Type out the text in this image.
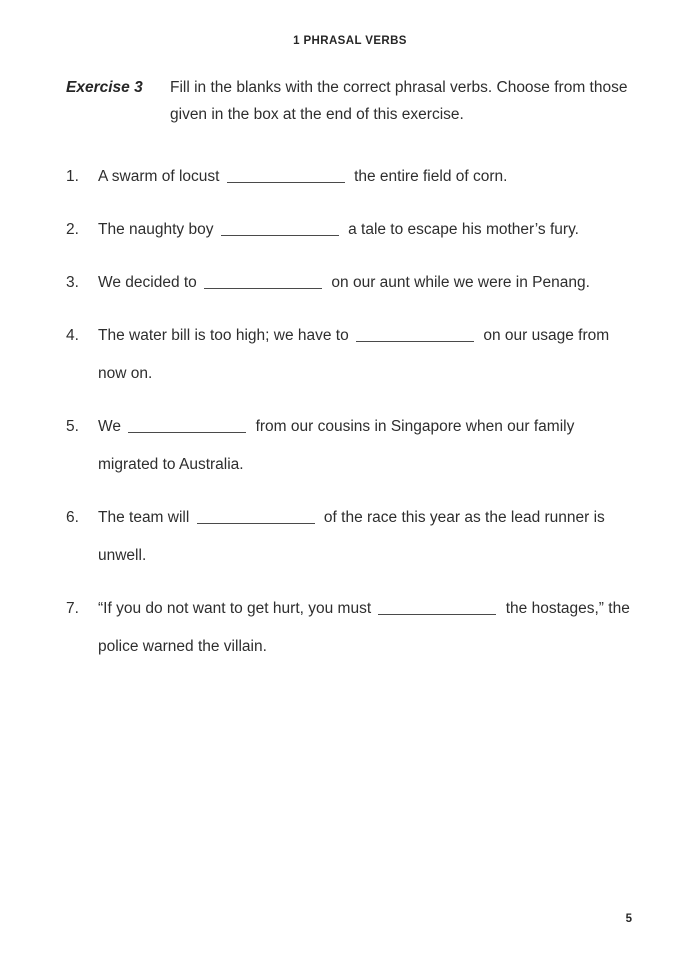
1 PHRASAL VERBS
Exercise 3	Fill in the blanks with the correct phrasal verbs. Choose from those given in the box at the end of this exercise.
1.	A swarm of locust	the entire field of corn.
2.	The naughty boy	a tale to escape his mother’s fury.
3.	We decided to	on our aunt while we were in Penang.
4.	The water bill is too high; we have to	on our usage from now on.
5.	We	from our cousins in Singapore when our family migrated to Australia.
6.	The team will	of the race this year as the lead runner is unwell.
7.	“If you do not want to get hurt, you must	the hostages,” the police warned the villain.
5
